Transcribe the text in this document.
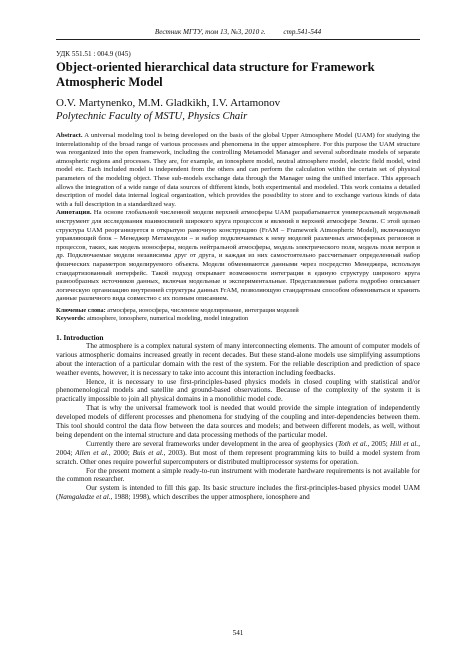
Вестник МГТУ, том 13, №3, 2010 г.          стр.541-544
УДК 551.51 : 004.9 (045)
Object-oriented hierarchical data structure for Framework Atmospheric Model
O.V. Martynenko, M.M. Gladkikh, I.V. Artamonov
Polytechnic Faculty of MSTU, Physics Chair
Abstract. A universal modeling tool is being developed on the basis of the global Upper Atmosphere Model (UAM) for studying the interrelationship of the broad range of various processes and phenomena in the upper atmosphere. For this purpose the UAM structure was reorganized into the open framework, including the controlling Metamodel Manager and several subordinate models of separate atmospheric regions and processes. They are, for example, an ionosphere model, neutral atmosphere model, electric field model, wind model etc. Each included model is independent from the others and can perform the calculation within the certain set of physical parameters of the modeling object. These sub-models exchange data through the Manager using the unified interface. This approach allows the integration of a wide range of data sources of different kinds, both experimental and modeled. This work contains a detailed description of model data internal logical organization, which provides the possibility to store and to exchange various kinds of data with a full description in a standardized way.
Аннотация. На основе глобальной численной модели верхней атмосферы UAM разрабатывается универсальный модельный инструмент для исследования взаимосвязей широкого круга процессов и явлений в верхней атмосфере Земли. С этой целью структура UAM реорганизуется в открытую рамочную конструкцию (FrAM – Framework Atmospheric Model), включающую управляющий блок – Менеджер Метамодели – и набор подключаемых к нему моделей различных атмосферных регионов и процессов, таких, как модель ионосферы, модель нейтральной атмосферы, модель электрического поля, модель поля ветров и др. Подключаемые модели независимы друг от друга, и каждая из них самостоятельно рассчитывает определенный набор физических параметров моделируемого объекта. Модели обмениваются данными через посредство Менеджера, используя стандартизованный интерфейс. Такой подход открывает возможности интеграции в единую структуру широкого круга разнообразных источников данных, включая модельные и экспериментальные. Представляемая работа подробно описывает логическую организацию внутренней структуры данных FrAM, позволяющую стандартным способом обмениваться и хранить данные различного вида совместно с их полным описанием.
Ключевые слова: атмосфера, ионосфера, численное моделирование, интеграция моделей
Keywords: atmosphere, ionosphere, numerical modeling, model integration
1. Introduction

The atmosphere is a complex natural system of many interconnecting elements. The amount of computer models of various atmospheric domains increased greatly in recent decades. But these stand-alone models use simplifying assumptions about the interaction of a particular domain with the rest of the system. For the reliable description and prediction of space weather events, however, it is necessary to take into account this interaction including feedbacks.

Hence, it is necessary to use first-principles-based physics models in closed coupling with statistical and/or phenomenological models and satellite and ground-based observations. Because of the complexity of the system it is practically impossible to join all physical domains in a monolithic model code.

That is why the universal framework tool is needed that would provide the simple integration of independently developed models of different processes and phenomena for studying of the coupling and inter-dependencies between them. This tool should control the data flow between the data sources and models; and between different models, as well, without being dependent on the internal structure and data processing methods of the particular model.

Currently there are several frameworks under development in the area of geophysics (Toth et al., 2005; Hill et al., 2004; Allen et al., 2000; Buis et al., 2003). But most of them represent programming kits to build a model system from scratch. Other ones require powerful supercomputers or distributed multiprocessor systems for operation.

For the present moment a simple ready-to-run instrument with moderate hardware requirements is not available for the common researcher.

Our system is intended to fill this gap. Its basic structure includes the first-principles-based physics model UAM (Namgaladze et al., 1988; 1998), which describes the upper atmosphere, ionosphere and

541
